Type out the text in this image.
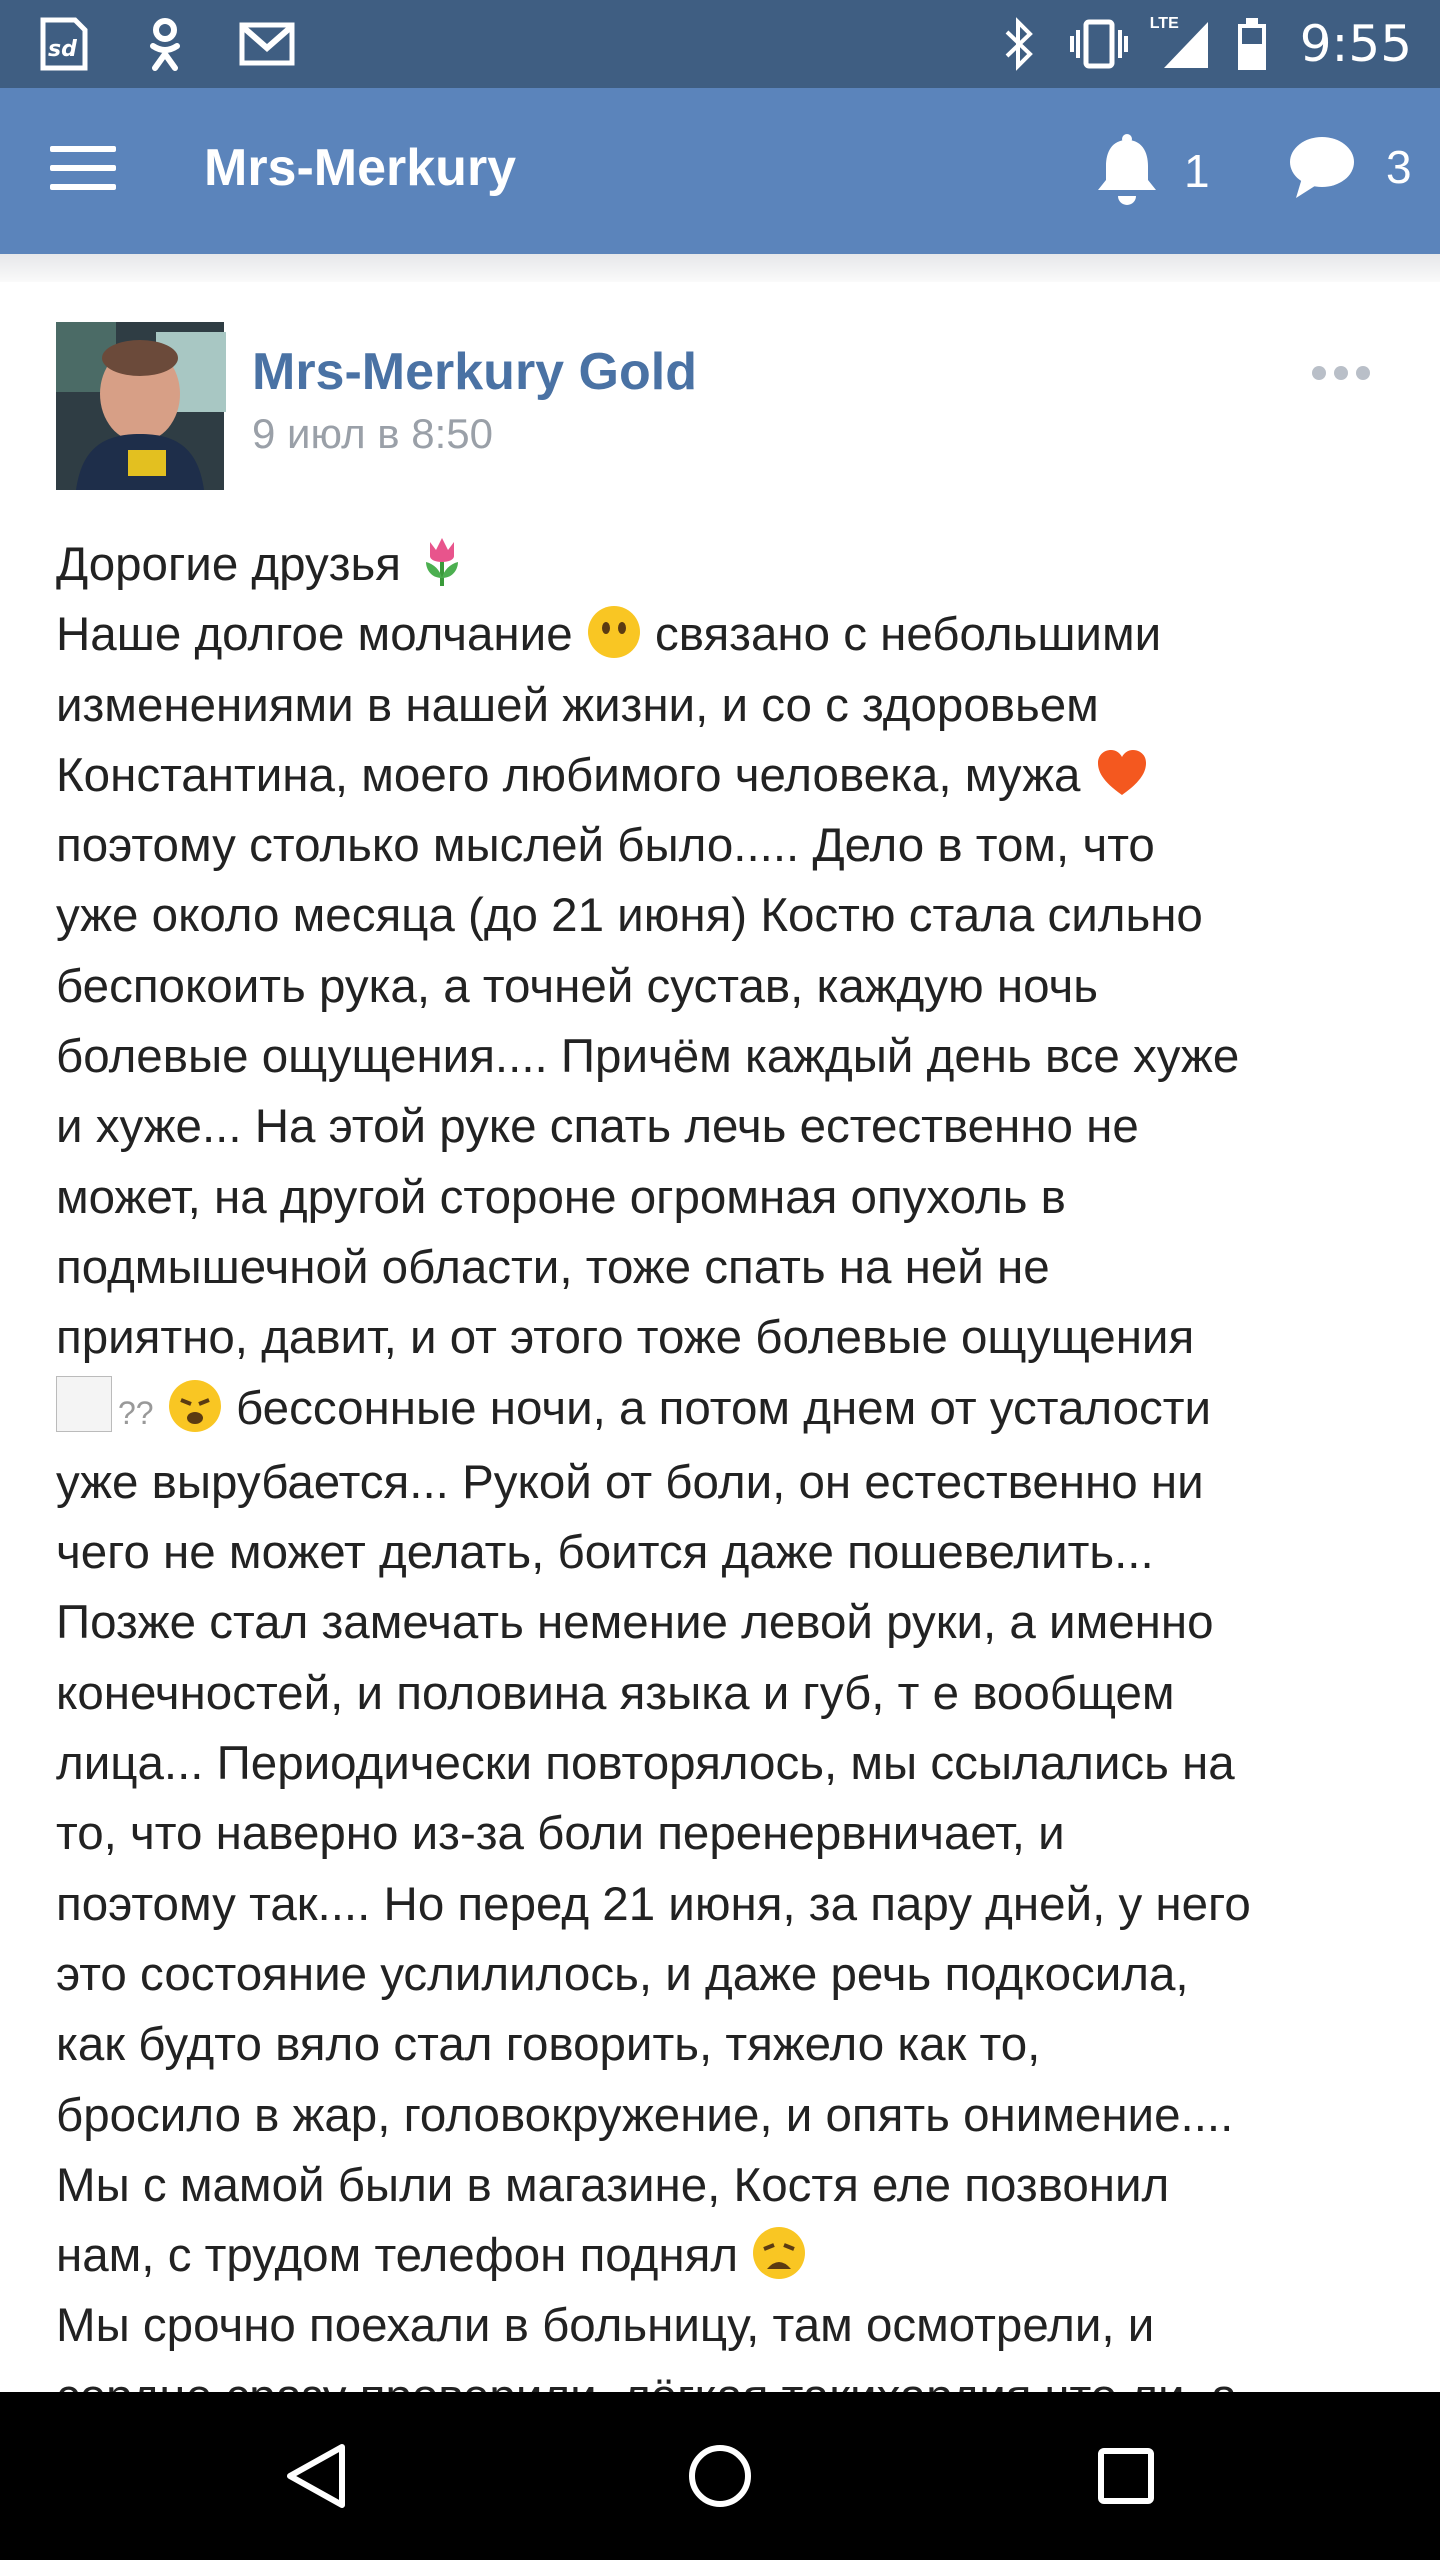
sd
LTE 9:55
Mrs-Merkury	1	3
Mrs-Merkury Gold
9 июл в 8:50
Дорогие друзья
Наше долгое молчание  связано с небольшими
изменениями в нашей жизни, и со с здоровьем
Константина, моего любимого человека, мужа
поэтому столько мыслей было..... Дело в том, что
уже около месяца (до 21 июня) Костю стала сильно
беспокоить рука, а точней сустав, каждую ночь
болевые ощущения.... Причём каждый день все хуже
и хуже... На этой руке спать лечь естественно не
может, на другой стороне огромная опухоль в
подмышечной области, тоже спать на ней не
приятно, давит, и от этого тоже болевые ощущения
??  бессонные ночи, а потом днем от усталости
уже вырубается... Рукой от боли, он естественно ни
чего не может делать, боится даже пошевелить...
Позже стал замечать немение левой руки, а именно
конечностей, и половина языка и губ, т е вообщем
лица... Периодически повторялось, мы ссылались на
то, что наверно из-за боли перенервничает, и
поэтому так.... Но перед 21 июня, за пару дней, у него
это состояние услилилось, и даже речь подкосила,
как будто вяло стал говорить, тяжело как то,
бросило в жар, головокружение, и опять онимение....
Мы с мамой были в магазине, Костя еле позвонил
нам, с трудом телефон поднял
Мы срочно поехали в больницу, там осмотрели, и
